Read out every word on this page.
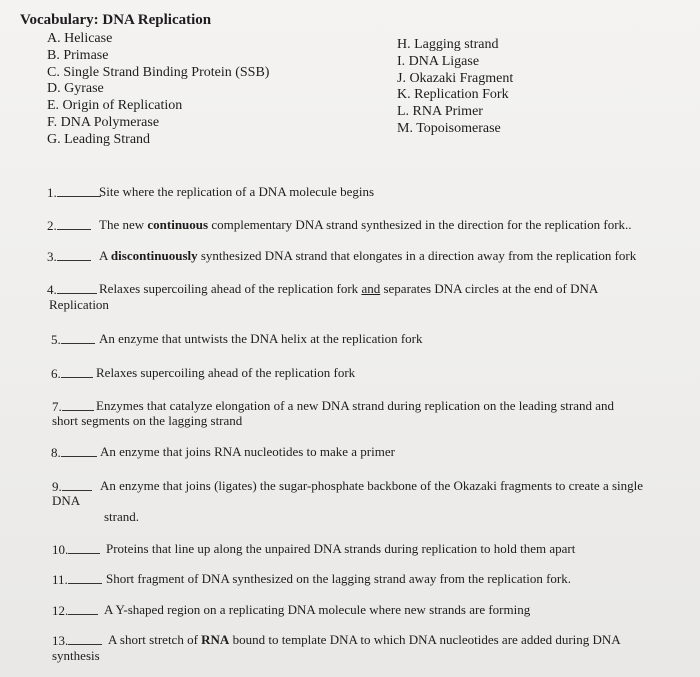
Vocabulary: DNA Replication
A. Helicase
B. Primase
C. Single Strand Binding Protein (SSB)
D. Gyrase
E. Origin of Replication
F. DNA Polymerase
G. Leading Strand
H. Lagging strand
I. DNA Ligase
J. Okazaki Fragment
K. Replication Fork
L. RNA Primer
M. Topoisomerase
1.	Site where the replication of a DNA molecule begins
2.	The new continuous complementary DNA strand synthesized in the direction for the replication fork..
3.	A discontinuously synthesized DNA strand that elongates in a direction away from the replication fork
4.	Relaxes supercoiling ahead of the replication fork and separates DNA circles at the end of DNA
Replication
5.	An enzyme that untwists the DNA helix at the replication fork
6.	Relaxes supercoiling ahead of the replication fork
7.	Enzymes that catalyze elongation of a new DNA strand during replication on the leading strand and
short segments on the lagging strand
8.	An enzyme that joins RNA nucleotides to make a primer
9.	An enzyme that joins (ligates) the sugar-phosphate backbone of the Okazaki fragments to create a single
DNA
strand.
10.	Proteins that line up along the unpaired DNA strands during replication to hold them apart
11.	Short fragment of DNA synthesized on the lagging strand away from the replication fork.
12.	A Y-shaped region on a replicating DNA molecule where new strands are forming
13.	A short stretch of RNA bound to template DNA to which DNA nucleotides are added during DNA
synthesis
